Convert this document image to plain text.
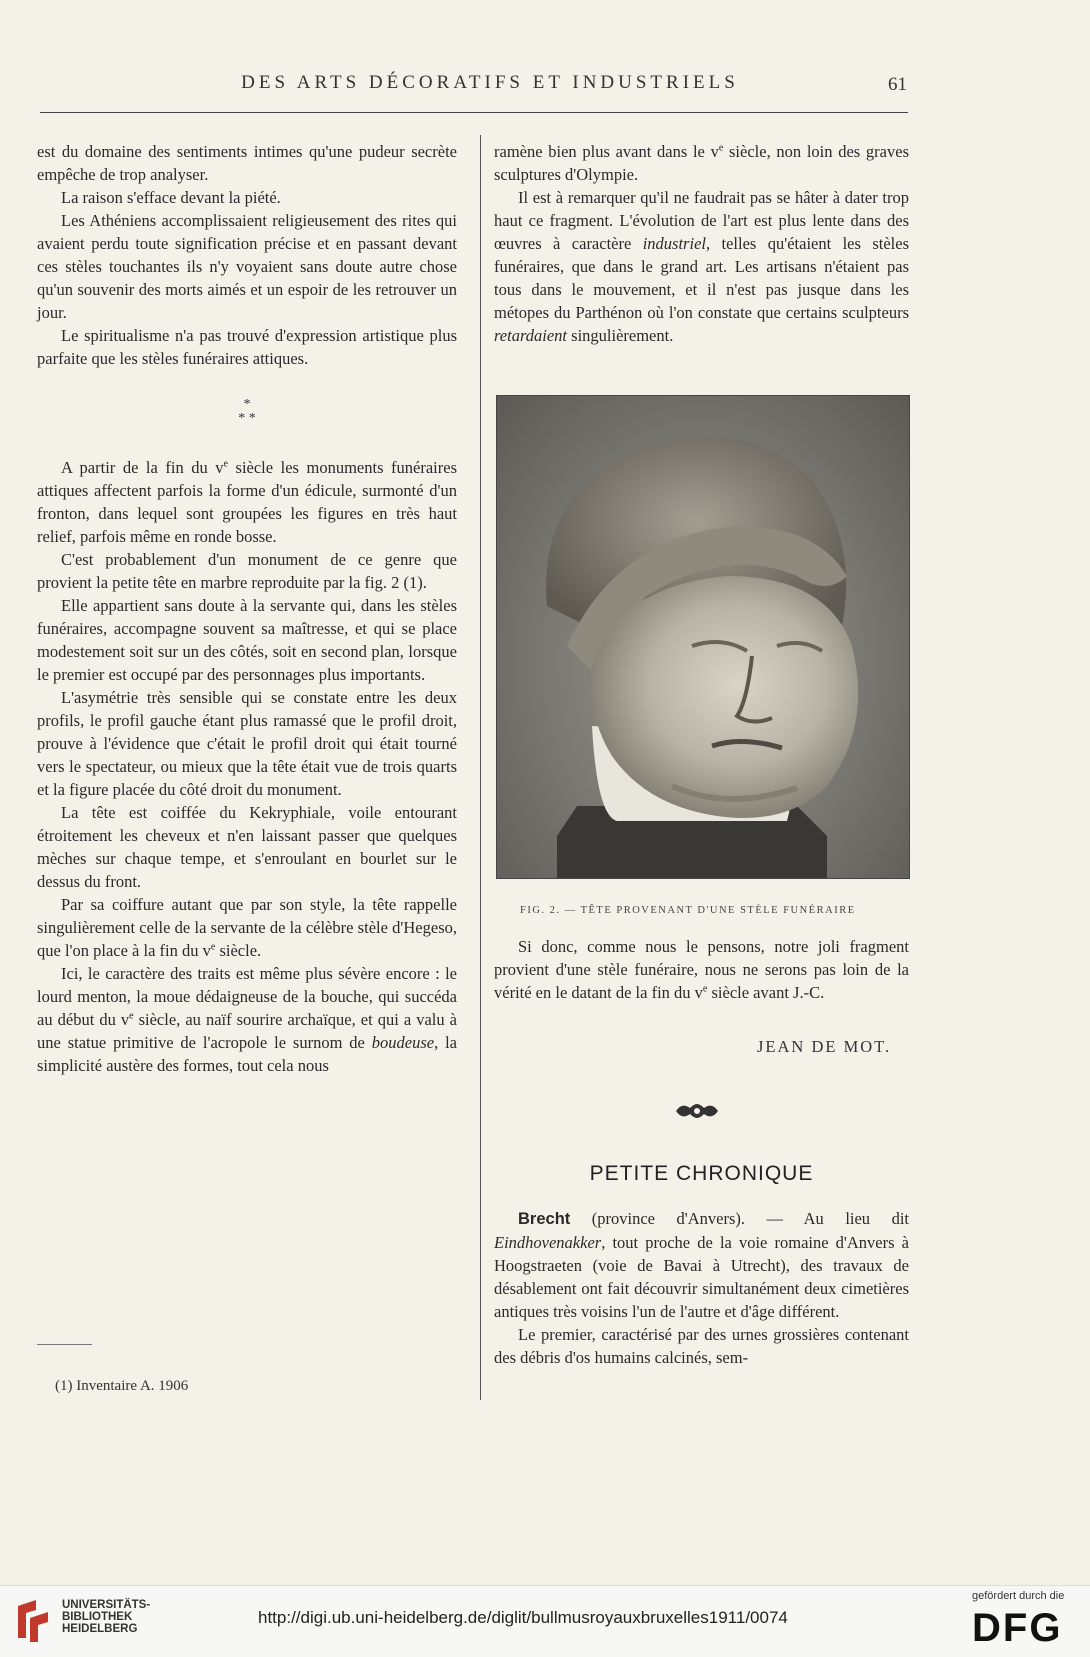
DES ARTS DÉCORATIFS ET INDUSTRIELS	61

est du domaine des sentiments intimes qu'une pudeur secrète empêche de trop analyser.

La raison s'efface devant la piété.

Les Athéniens accomplissaient religieusement des rites qui avaient perdu toute signification précise et en passant devant ces stèles touchantes ils n'y voyaient sans doute autre chose qu'un souvenir des morts aimés et un espoir de les retrouver un jour.

Le spiritualisme n'a pas trouvé d'expression artistique plus parfaite que les stèles funéraires attiques.

*
* *

A partir de la fin du $v^e$ siècle les monuments funéraires attiques affectent parfois la forme d'un édicule, surmonté d'un fronton, dans lequel sont groupées les figures en très haut relief, parfois même en ronde bosse.

C'est probablement d'un monument de ce genre que provient la petite tête en marbre reproduite par la fig. 2 (1).

Elle appartient sans doute à la servante qui, dans les stèles funéraires, accompagne souvent sa maîtresse, et qui se place modestement soit sur un des côtés, soit en second plan, lorsque le premier est occupé par des personnages plus importants.

L'asymétrie très sensible qui se constate entre les deux profils, le profil gauche étant plus ramassé que le profil droit, prouve à l'évidence que c'était le profil droit qui était tourné vers le spectateur, ou mieux que la tête était vue de trois quarts et la figure placée du côté droit du monument.

La tête est coiffée du Kekryphiale, voile entourant étroitement les cheveux et n'en laissant passer que quelques mèches sur chaque tempe, et s'enroulant en bourlet sur le dessus du front.

Par sa coiffure autant que par son style, la tête rappelle singulièrement celle de la servante de la célèbre stèle d'Hegeso, que l'on place à la fin du $v^e$ siècle.

Ici, le caractère des traits est même plus sévère encore : le lourd menton, la moue dédaigneuse de la bouche, qui succéda au début du $v^e$ siècle, au naïf sourire archaïque, et qui a valu à une statue primitive de l'acropole le surnom de boudeuse, la simplicité austère des formes, tout cela nous

(1) Inventaire A. 1906

ramène bien plus avant dans le $v^e$ siècle, non loin des graves sculptures d'Olympie.

Il est à remarquer qu'il ne faudrait pas se hâter à dater trop haut ce fragment. L'évolution de l'art est plus lente dans des œuvres à caractère industriel, telles qu'étaient les stèles funéraires, que dans le grand art. Les artisans n'étaient pas tous dans le mouvement, et il n'est pas jusque dans les métopes du Parthénon où l'on constate que certains sculpteurs retardaient singulièrement.

FIG. 2. — TÊTE PROVENANT D'UNE STÈLE FUNÉRAIRE

Si donc, comme nous le pensons, notre joli fragment provient d'une stèle funéraire, nous ne serons pas loin de la vérité en le datant de la fin du $v^e$ siècle avant J.-C.

JEAN DE MOT.
PETITE CHRONIQUE

Brecht (province d'Anvers). — Au lieu dit Eindhovenakker, tout proche de la voie romaine d'Anvers à Hoogstraeten (voie de Bavai à Utrecht), des travaux de désablement ont fait découvrir simultanément deux cimetières antiques très voisins l'un de l'autre et d'âge différent.

Le premier, caractérisé par des urnes grossières contenant des débris d'os humains calcinés, sem-

UNIVERSITÄTS-
BIBLIOTHEK
HEIDELBERG
http://digi.ub.uni-heidelberg.de/diglit/bullmusroyauxbruxelles1911/0074
gefördert durch die
DFG
